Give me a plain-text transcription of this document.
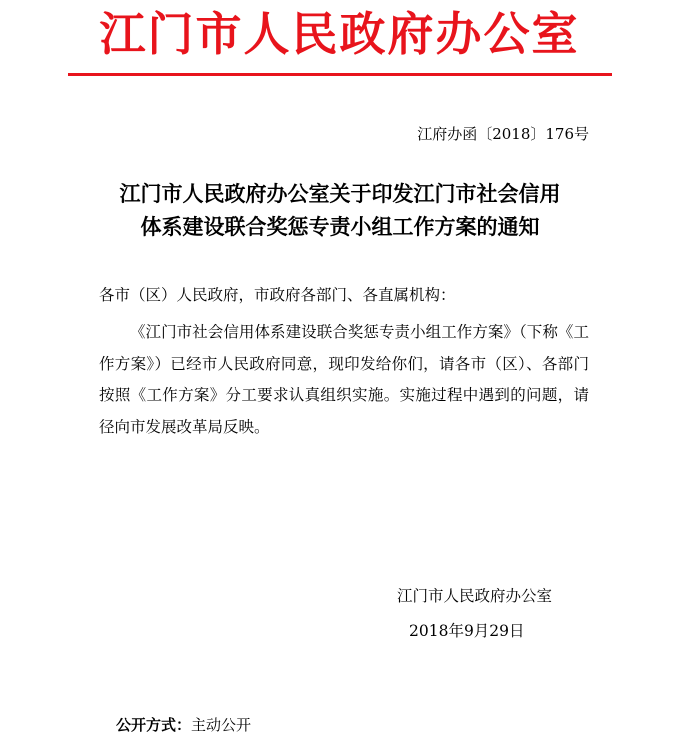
江门市人民政府办公室
江府办函〔2018〕176号
江门市人民政府办公室关于印发江门市社会信用
体系建设联合奖惩专责小组工作方案的通知
各市（区）人民政府，市政府各部门、各直属机构：
《江门市社会信用体系建设联合奖惩专责小组工作方案》（下称《工作方案》）已经市人民政府同意，现印发给你们，请各市（区）、各部门按照《工作方案》分工要求认真组织实施。实施过程中遇到的问题，请径向市发展改革局反映。
江门市人民政府办公室
2018年9月29日
公开方式：主动公开
